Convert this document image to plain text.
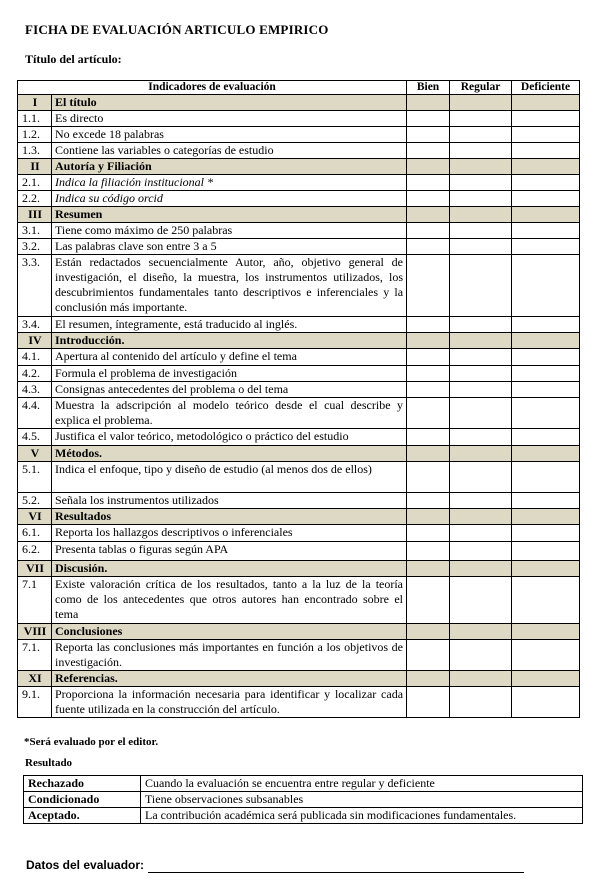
FICHA DE EVALUACIÓN ARTICULO EMPIRICO
Título del artículo:
Indicadores de evaluación		Bien	Regular	Deficiente
I	El título			
1.1.	Es directo			
1.2.	No excede 18 palabras			
1.3.	Contiene las variables o categorías de estudio			
II	Autoría y Filiación			
2.1.	Indica la filiación institucional *			
2.2.	Indica su código orcid			
III	Resumen			
3.1.	Tiene como máximo de 250 palabras			
3.2.	Las palabras clave son entre 3 a 5			
3.3.	Están redactados secuencialmente Autor, año, objetivo general de investigación, el diseño, la muestra, los instrumentos utilizados, los descubrimientos fundamentales tanto descriptivos e inferenciales y la conclusión más importante.			
3.4.	El resumen, íntegramente, está traducido al inglés.			
IV	Introducción.			
4.1.	Apertura al contenido del artículo y define el tema			
4.2.	Formula el problema de investigación			
4.3.	Consignas antecedentes del problema o del tema			
4.4.	Muestra la adscripción al modelo teórico desde el cual describe y explica el problema.			
4.5.	Justifica el valor teórico, metodológico o práctico del estudio			
V	Métodos.			
5.1.	Indica el enfoque, tipo y diseño de estudio (al menos dos de ellos)			
5.2.	Señala los instrumentos utilizados			
VI	Resultados			
6.1.	Reporta los hallazgos descriptivos o inferenciales			
6.2.	Presenta tablas o figuras según APA			
VII	Discusión.			
7.1	Existe valoración crítica de los resultados, tanto a la luz de la teoría como de los antecedentes que otros autores han encontrado sobre el tema			
VIII	Conclusiones			
7.1.	Reporta las conclusiones más importantes en función a los objetivos de investigación.			
XI	Referencias.			
9.1.	Proporciona la información necesaria para identificar y localizar cada fuente utilizada en la construcción del artículo.			
*Será evaluado por el editor.
Resultado
Rechazado	Cuando la evaluación se encuentra entre regular y deficiente
Condicionado	Tiene observaciones subsanables
Aceptado.	La contribución académica será publicada sin modificaciones fundamentales.
Datos del evaluador:
